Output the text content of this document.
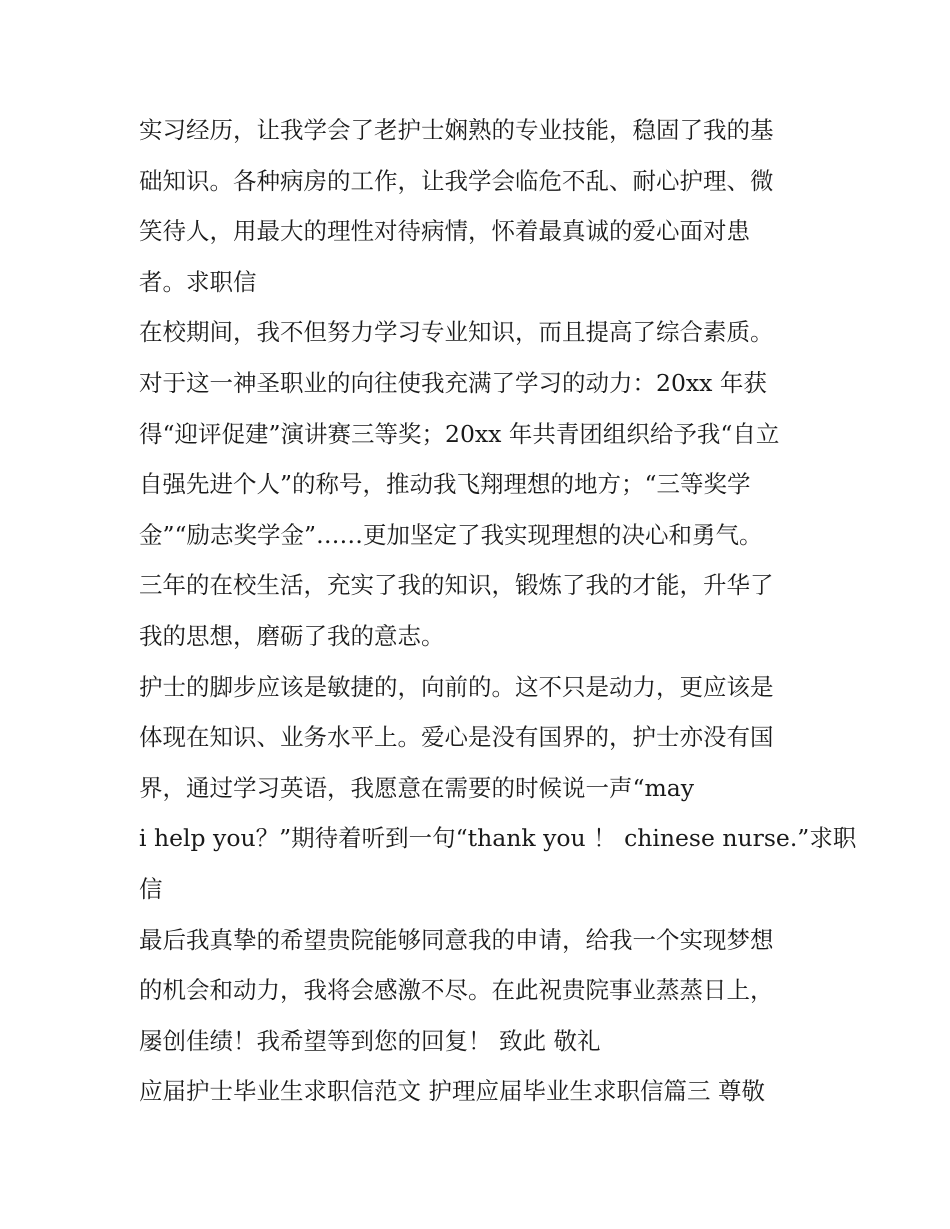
实习经历，让我学会了老护士娴熟的专业技能，稳固了我的基
础知识。各种病房的工作，让我学会临危不乱、耐心护理、微
笑待人，用最大的理性对待病情，怀着最真诚的爱心面对患
者。求职信
在校期间，我不但努力学习专业知识，而且提高了综合素质。
对于这一神圣职业的向往使我充满了学习的动力：20xx 年获
得“迎评促建”演讲赛三等奖；20xx 年共青团组织给予我“自立
自强先进个人”的称号，推动我飞翔理想的地方；“三等奖学
金”“励志奖学金”……更加坚定了我实现理想的决心和勇气。
三年的在校生活，充实了我的知识，锻炼了我的才能，升华了
我的思想，磨砺了我的意志。
护士的脚步应该是敏捷的，向前的。这不只是动力，更应该是
体现在知识、业务水平上。爱心是没有国界的，护士亦没有国
界，通过学习英语，我愿意在需要的时候说一声“may
i help you？”期待着听到一句“thank you ！ chinese nurse.”求职
信
最后我真挚的希望贵院能够同意我的申请，给我一个实现梦想
的机会和动力，我将会感激不尽。在此祝贵院事业蒸蒸日上，
屡创佳绩！我希望等到您的回复！ 致此 敬礼
应届护士毕业生求职信范文 护理应届毕业生求职信篇三 尊敬
